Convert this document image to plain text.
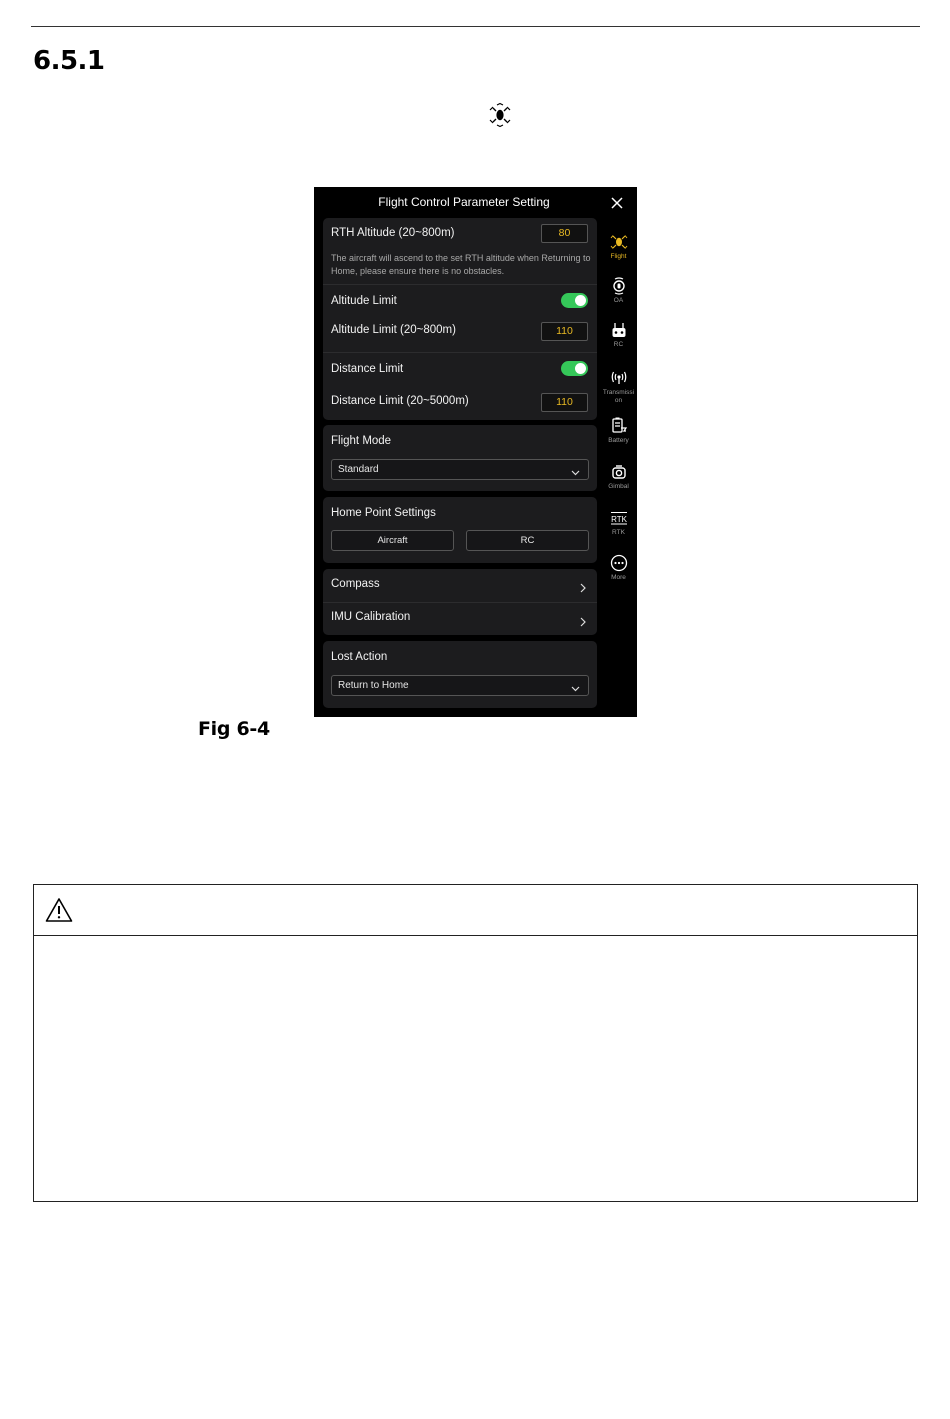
6.5.1
Flight Control Parameter Setting
RTH Altitude (20~800m)	80
The aircraft will ascend to the set RTH altitude when Returning to Home, please ensure there is no obstacles.
Altitude Limit
Altitude Limit (20~800m)	110
Distance Limit
Distance Limit (20~5000m)	110
Flight Mode
Standard
Home Point Settings
Aircraft	RC
Compass
IMU Calibration
Lost Action
Return to Home
Flight
OA
RC
Transmissi
on
Battery
Gimbal
RTK
RTK
More
Fig 6-4
